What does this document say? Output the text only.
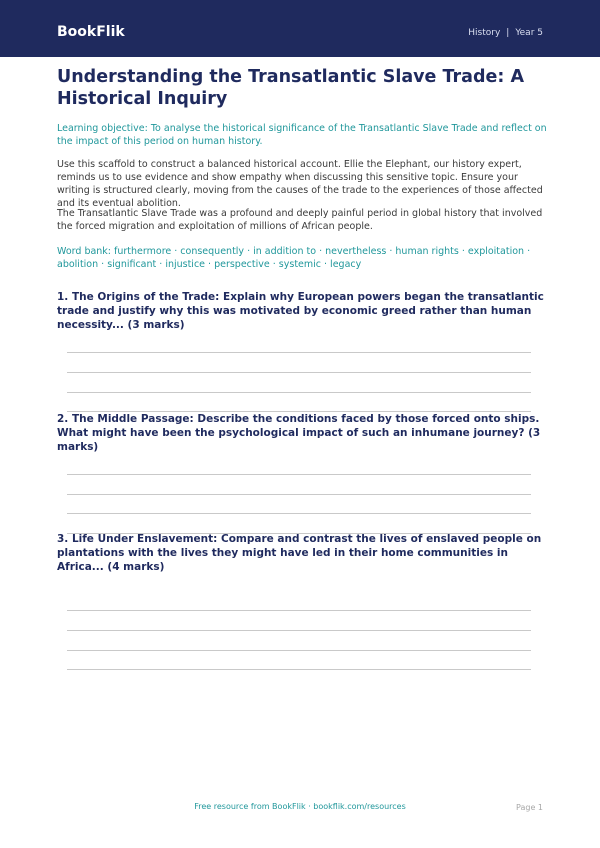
BookFlik	History | Year 5
Understanding the Transatlantic Slave Trade: A Historical Inquiry
Learning objective: To analyse the historical significance of the Transatlantic Slave Trade and reflect on the impact of this period on human history.
Use this scaffold to construct a balanced historical account. Ellie the Elephant, our history expert, reminds us to use evidence and show empathy when discussing this sensitive topic. Ensure your writing is structured clearly, moving from the causes of the trade to the experiences of those affected and its eventual abolition.
The Transatlantic Slave Trade was a profound and deeply painful period in global history that involved the forced migration and exploitation of millions of African people.
Word bank: furthermore · consequently · in addition to · nevertheless · human rights · exploitation · abolition · significant · injustice · perspective · systemic · legacy
1. The Origins of the Trade: Explain why European powers began the transatlantic trade and justify why this was motivated by economic greed rather than human necessity... (3 marks)
2. The Middle Passage: Describe the conditions faced by those forced onto ships. What might have been the psychological impact of such an inhumane journey? (3 marks)
3. Life Under Enslavement: Compare and contrast the lives of enslaved people on plantations with the lives they might have led in their home communities in Africa... (4 marks)
Free resource from BookFlik · bookflik.com/resources	Page 1
